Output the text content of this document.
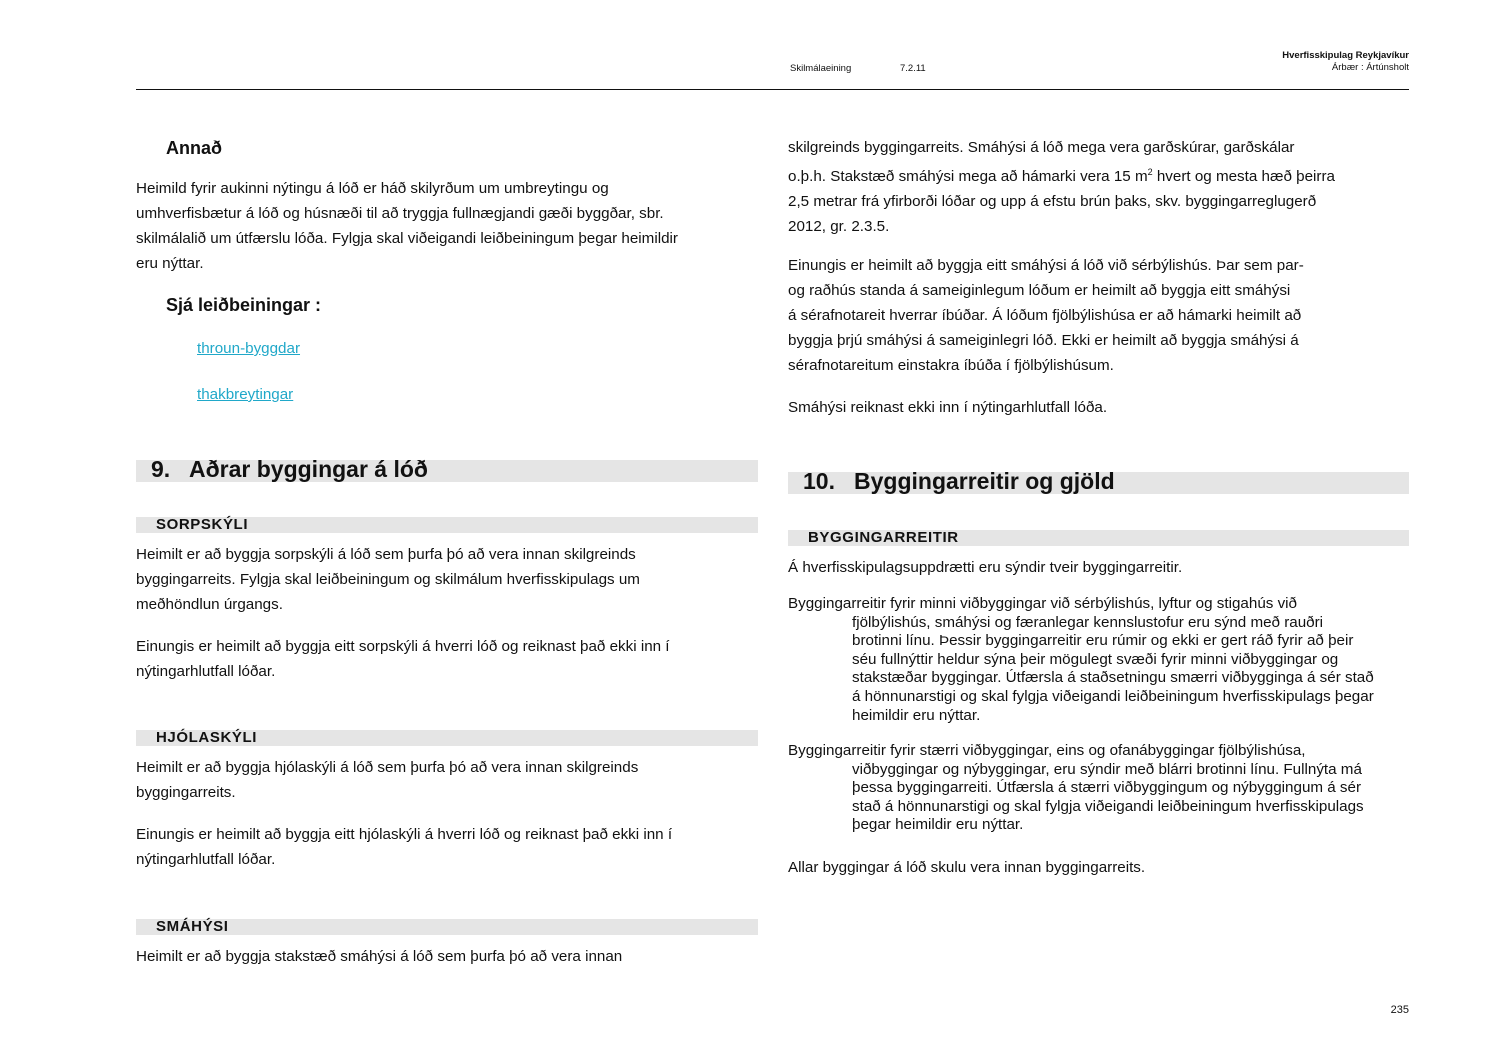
Skilmálaeining	7.2.11
Hverfisskipulag Reykjavíkur
Árbær : Ártúnsholt
Annað

Heimild fyrir aukinni nýtingu á lóð er háð skilyrðum um umbreytingu og

umhverfisbætur á lóð og húsnæði til að tryggja fullnægjandi gæði byggðar, sbr.

skilmálalið um útfærslu lóða. Fylgja skal viðeigandi leiðbeiningum þegar heimildir

eru nýttar.

Sjá leiðbeiningar :
throun-byggdar
thakbreytingar
9. Aðrar byggingar á lóð
SORPSKÝLI

Heimilt er að byggja sorpskýli á lóð sem þurfa þó að vera innan skilgreinds

byggingarreits. Fylgja skal leiðbeiningum og skilmálum hverfisskipulags um

meðhöndlun úrgangs.

Einungis er heimilt að byggja eitt sorpskýli á hverri lóð og reiknast það ekki inn í

nýtingarhlutfall lóðar.

HJÓLASKÝLI

Heimilt er að byggja hjólaskýli á lóð sem þurfa þó að vera innan skilgreinds

byggingarreits.

Einungis er heimilt að byggja eitt hjólaskýli á hverri lóð og reiknast það ekki inn í

nýtingarhlutfall lóðar.

SMÁHÝSI

Heimilt er að byggja stakstæð smáhýsi á lóð sem þurfa þó að vera innan

skilgreinds byggingarreits. Smáhýsi á lóð mega vera garðskúrar, garðskálar

o.þ.h. Stakstæð smáhýsi mega að hámarki vera 15 $m^2$ hvert og mesta hæð þeirra

2,5 metrar frá yfirborði lóðar og upp á efstu brún þaks, skv. byggingarreglugerð

2012, gr. 2.3.5.

Einungis er heimilt að byggja eitt smáhýsi á lóð við sérbýlishús. Þar sem par-

og raðhús standa á sameiginlegum lóðum er heimilt að byggja eitt smáhýsi

á sérafnotareit hverrar íbúðar. Á lóðum fjölbýlishúsa er að hámarki heimilt að

byggja þrjú smáhýsi á sameiginlegri lóð. Ekki er heimilt að byggja smáhýsi á

sérafnotareitum einstakra íbúða í fjölbýlishúsum.

Smáhýsi reiknast ekki inn í nýtingarhlutfall lóða.

10. Byggingarreitir og gjöld
BYGGINGARREITIR

Á hverfisskipulagsuppdrætti eru sýndir tveir byggingarreitir.

Byggingarreitir fyrir minni viðbyggingar við sérbýlishús, lyftur og stigahús við

fjölbýlishús, smáhýsi og færanlegar kennslustofur eru sýnd með rauðri

brotinni línu. Þessir byggingarreitir eru rúmir og ekki er gert ráð fyrir að þeir

séu fullnýttir heldur sýna þeir mögulegt svæði fyrir minni viðbyggingar og

stakstæðar byggingar. Útfærsla á staðsetningu smærri viðbygginga á sér stað

á hönnunarstigi og skal fylgja viðeigandi leiðbeiningum hverfisskipulags þegar

heimildir eru nýttar.

Byggingarreitir fyrir stærri viðbyggingar, eins og ofanábyggingar fjölbýlishúsa,

viðbyggingar og nýbyggingar, eru sýndir með blárri brotinni línu. Fullnýta má

þessa byggingarreiti. Útfærsla á stærri viðbyggingum og nýbyggingum á sér

stað á hönnunarstigi og skal fylgja viðeigandi leiðbeiningum hverfisskipulags

þegar heimildir eru nýttar.

Allar byggingar á lóð skulu vera innan byggingarreits.

235
